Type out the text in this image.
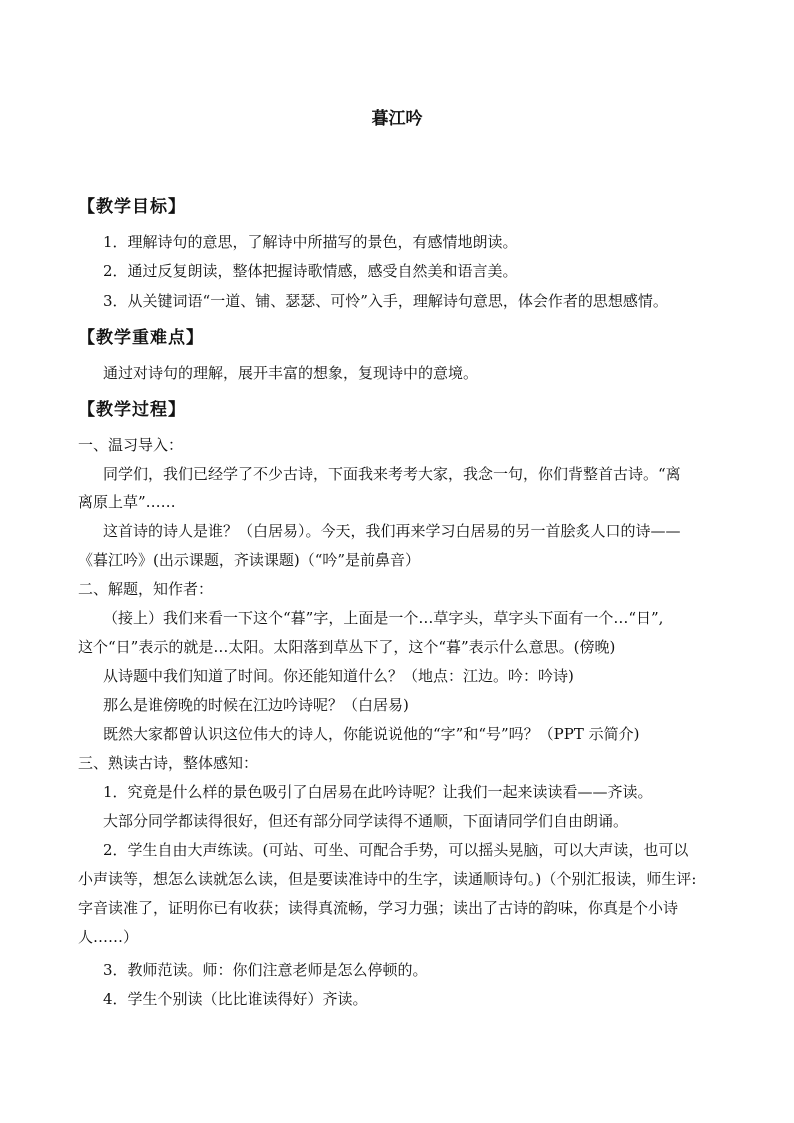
暮江吟
【教学目标】
1．理解诗句的意思，了解诗中所描写的景色，有感情地朗读。
2．通过反复朗读，整体把握诗歌情感，感受自然美和语言美。
3．从关键词语“一道、铺、瑟瑟、可怜”入手，理解诗句意思，体会作者的思想感情。
【教学重难点】
通过对诗句的理解，展开丰富的想象，复现诗中的意境。
【教学过程】
一、温习导入：
同学们，我们已经学了不少古诗，下面我来考考大家，我念一句，你们背整首古诗。“离
离原上草”……
这首诗的诗人是谁？（白居易）。今天，我们再来学习白居易的另一首脍炙人口的诗——
《暮江吟》(出示课题，齐读课题)（“吟”是前鼻音）
二、解题，知作者：
（接上）我们来看一下这个“暮”字，上面是一个…草字头，草字头下面有一个…“日”,
这个“日”表示的就是…太阳。太阳落到草丛下了，这个“暮”表示什么意思。(傍晚)
从诗题中我们知道了时间。你还能知道什么？（地点：江边。吟：吟诗)
那么是谁傍晚的时候在江边吟诗呢？（白居易)
既然大家都曾认识这位伟大的诗人，你能说说他的“字”和“号”吗？（PPT 示简介)
三、熟读古诗，整体感知：
1．究竟是什么样的景色吸引了白居易在此吟诗呢？让我们一起来读读看——齐读。
大部分同学都读得很好，但还有部分同学读得不通顺，下面请同学们自由朗诵。
2．学生自由大声练读。(可站、可坐、可配合手势，可以摇头晃脑，可以大声读，也可以
小声读等，想怎么读就怎么读，但是要读准诗中的生字，读通顺诗句。)（个别汇报读，师生评:
字音读准了，证明你已有收获；读得真流畅，学习力强；读出了古诗的韵味，你真是个小诗
人……）
3．教师范读。师：你们注意老师是怎么停顿的。
4．学生个别读（比比谁读得好）齐读。
